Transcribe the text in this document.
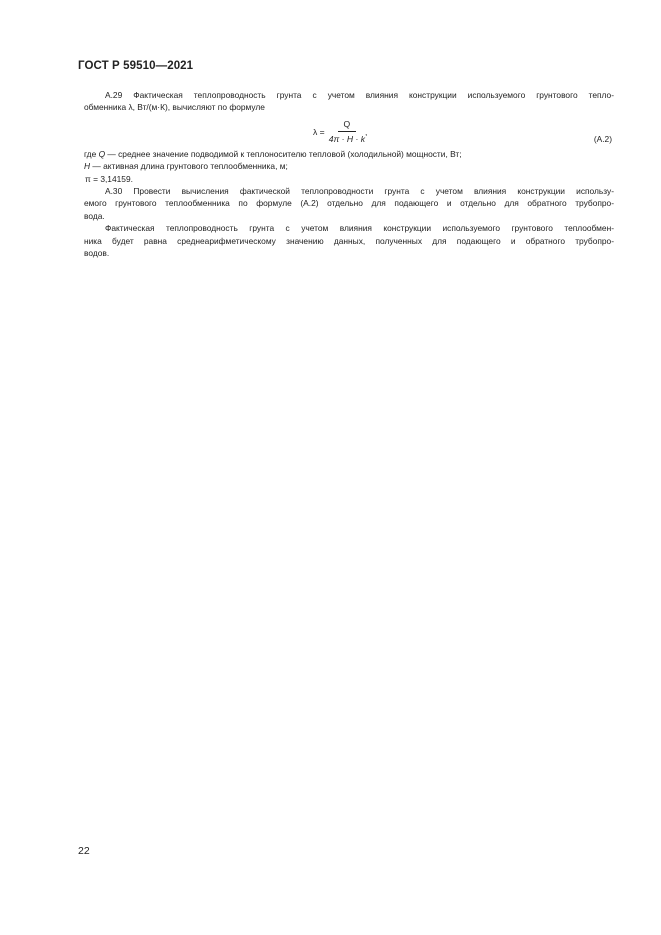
ГОСТ Р 59510—2021
А.29 Фактическая теплопроводность грунта с учетом влияния конструкции используемого грунтового тепло-
обменника λ, Вт/(м·К), вычисляют по формуле
$\lambda = \frac{Q}{4\pi \cdot H \cdot k}$ ,
(А.2)

где Q — среднее значение подводимой к теплоносителю тепловой (холодильной) мощности, Вт;

H — активная длина грунтового теплообменника, м;

π = 3,14159.

А.30 Провести вычисления фактической теплопроводности грунта с учетом влияния конструкции использу-
емого грунтового теплообменника по формуле (А.2) отдельно для подающего и отдельно для обратного трубопро-
вода.
Фактическая теплопроводность грунта с учетом влияния конструкции используемого грунтового теплообмен-
ника будет равна среднеарифметическому значению данных, полученных для подающего и обратного трубопро-
водов.
22
